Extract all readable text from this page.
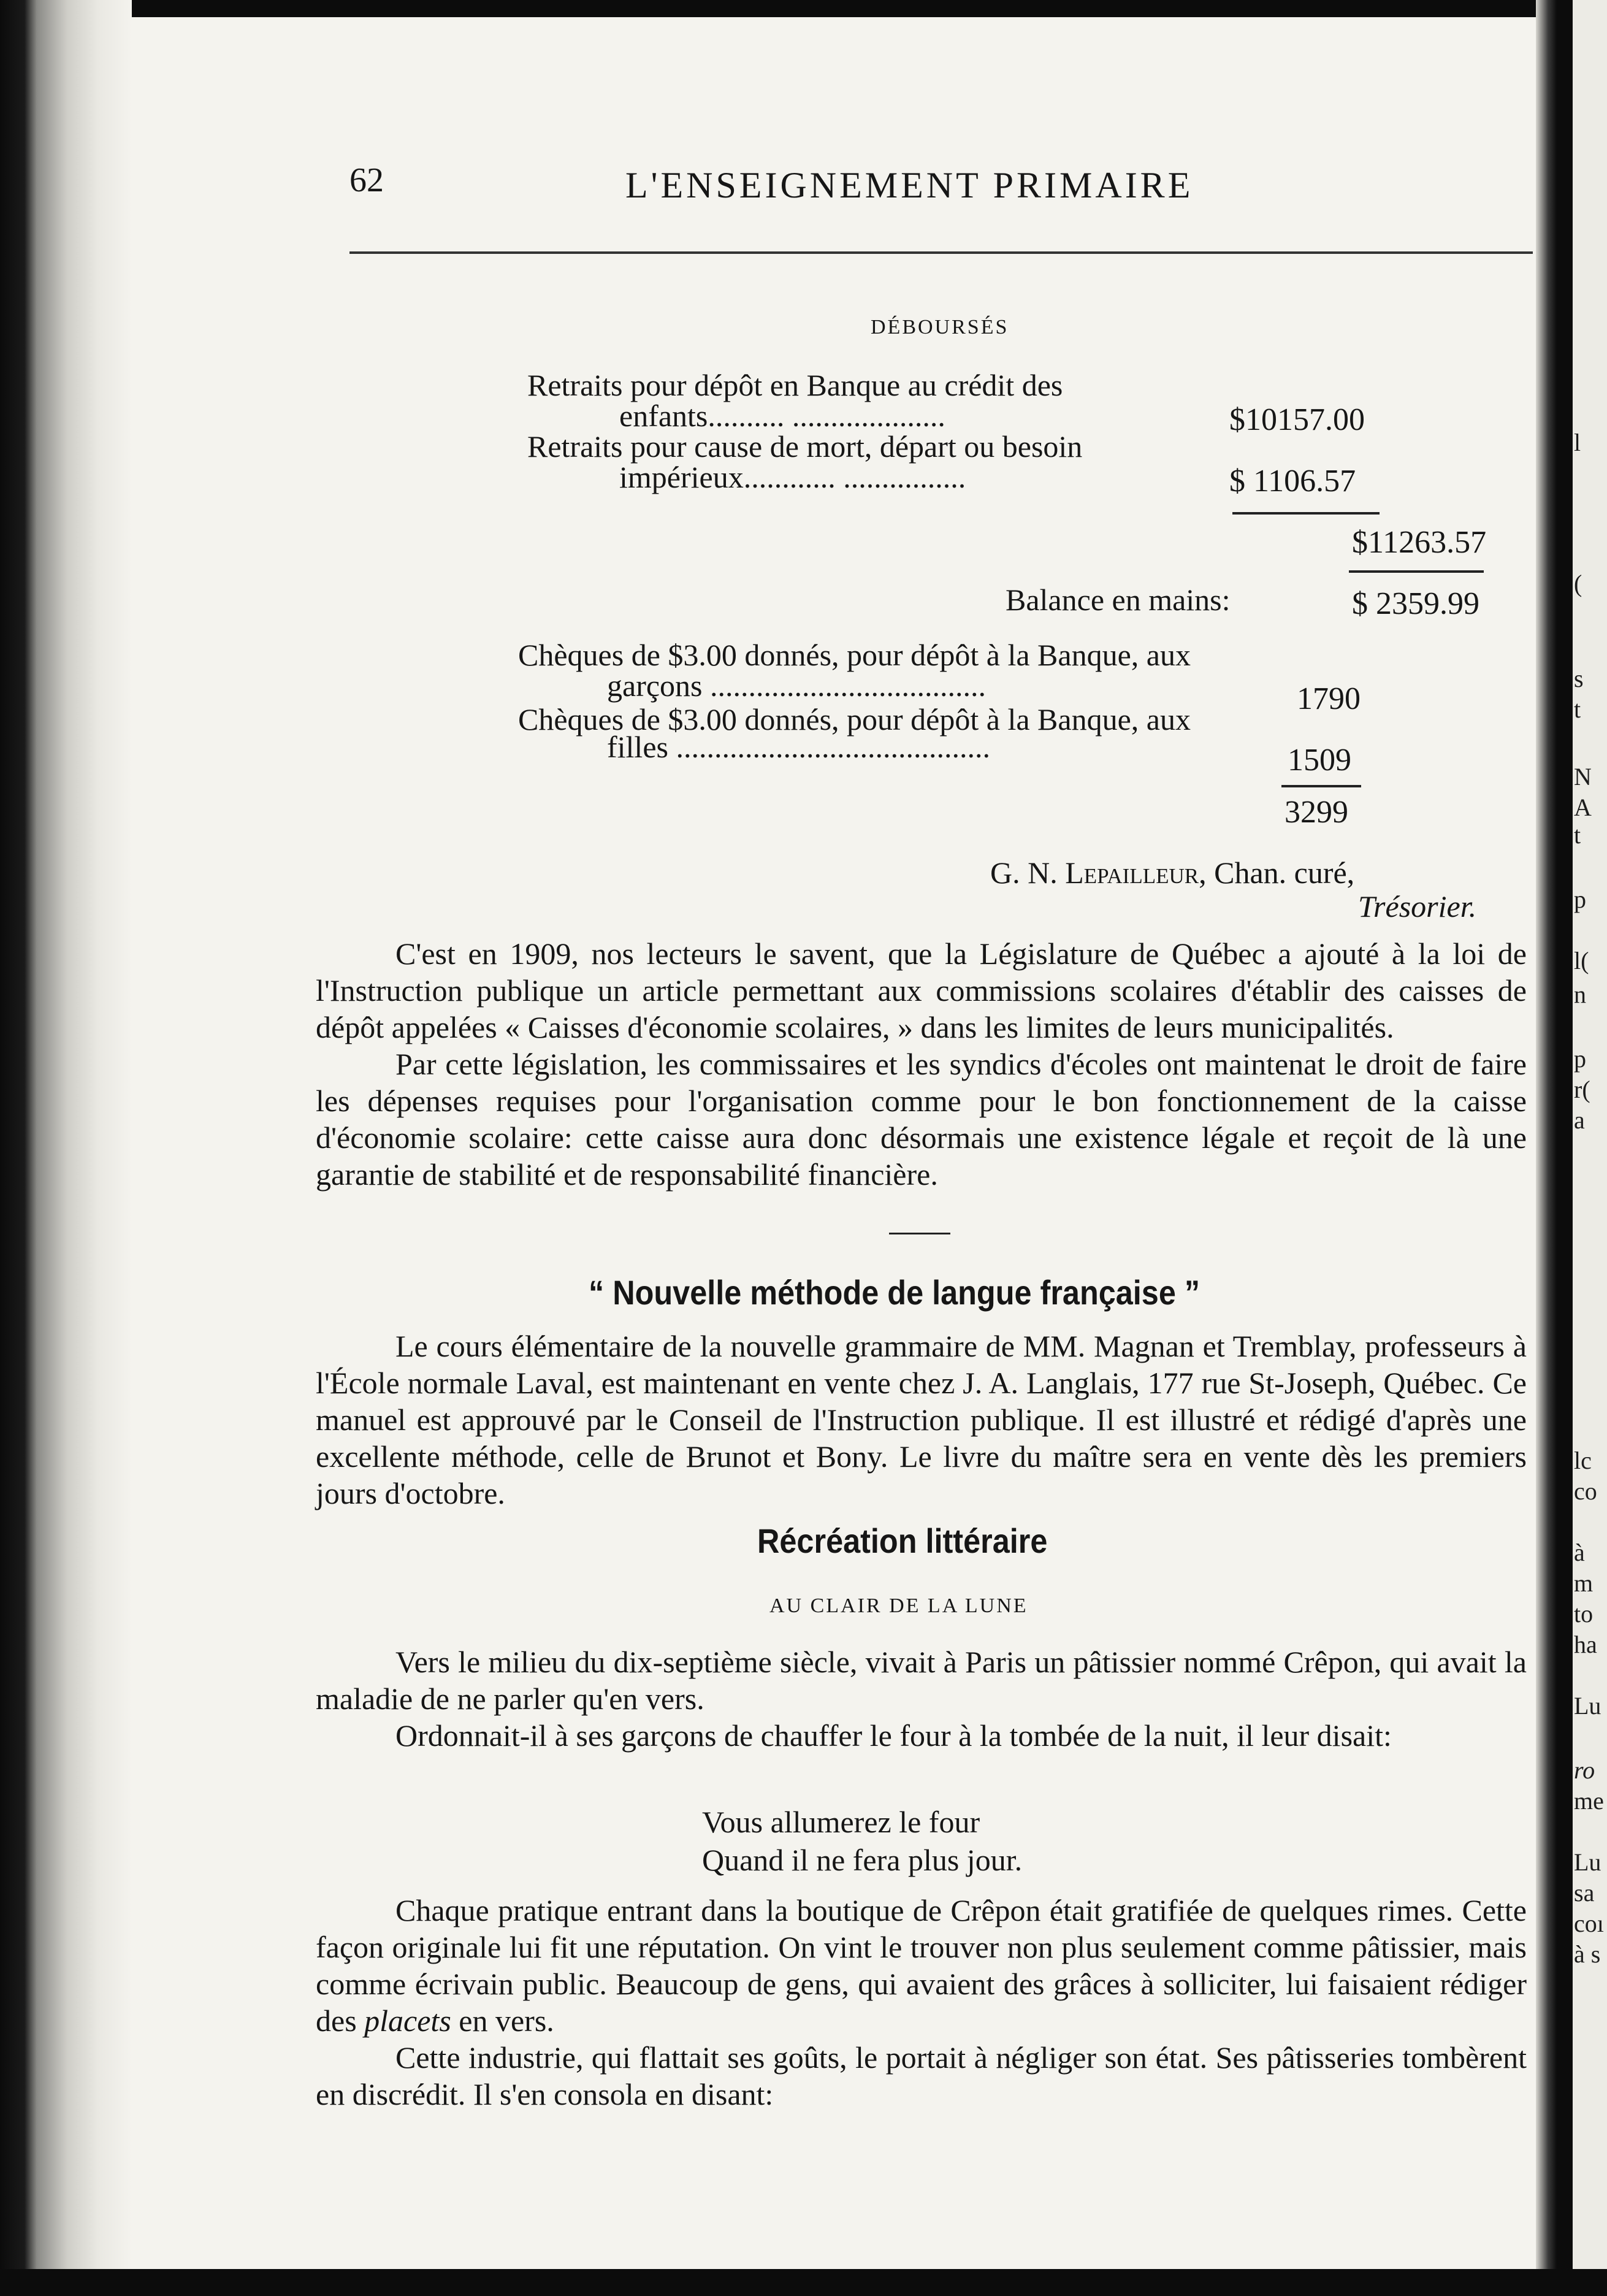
l
(
s
t
N
A
t
p
l(
n
p
r(
a
lc
co
à
m
to
ha
Lu
ro
me
Lu
sa
coı
à s
62	L'ENSEIGNEMENT PRIMAIRE
DÉBOURSÉS
Retraits pour dépôt en Banque au crédit des
enfants.......... ....................	$10157.00
Retraits pour cause de mort, départ ou besoin
impérieux............ ................	$ 1106.57
$11263.57
Balance en mains:	$ 2359.99
Chèques de $3.00 donnés, pour dépôt à la Banque, aux
garçons ....................................	1790
Chèques de $3.00 donnés, pour dépôt à la Banque, aux
filles .........................................	1509
3299
G. N. Lepailleur, Chan. curé,
Trésorier.

C'est en 1909, nos lecteurs le savent, que la Législature de Québec a ajouté à la loi de l'Instruction publique un article permettant aux commissions scolaires d'établir des caisses de dépôt appelées « Caisses d'économie scolaires, » dans les limites de leurs municipalités.

Par cette législation, les commissaires et les syndics d'écoles ont maintenat le droit de faire les dépenses requises pour l'organisation comme pour le bon fonctionnement de la caisse d'économie scolaire: cette caisse aura donc désormais une existence légale et reçoit de là une garantie de stabilité et de responsabilité financière.

“ Nouvelle méthode de langue française ”

Le cours élémentaire de la nouvelle grammaire de MM. Magnan et Tremblay, professeurs à l'École normale Laval, est maintenant en vente chez J. A. Langlais, 177 rue St-Joseph, Québec. Ce manuel est approuvé par le Conseil de l'Instruction publique. Il est illustré et rédigé d'après une excellente méthode, celle de Brunot et Bony. Le livre du maître sera en vente dès les premiers jours d'octobre.

Récréation littéraire
AU CLAIR DE LA LUNE

Vers le milieu du dix-septième siècle, vivait à Paris un pâtissier nommé Crêpon, qui avait la maladie de ne parler qu'en vers.

Ordonnait-il à ses garçons de chauffer le four à la tombée de la nuit, il leur disait:

Vous allumerez le four
Quand il ne fera plus jour.

Chaque pratique entrant dans la boutique de Crêpon était gratifiée de quelques rimes. Cette façon originale lui fit une réputation. On vint le trouver non plus seulement comme pâtissier, mais comme écrivain public. Beaucoup de gens, qui avaient des grâces à solliciter, lui faisaient rédiger des placets en vers.

Cette industrie, qui flattait ses goûts, le portait à négliger son état. Ses pâtisseries tombèrent en discrédit. Il s'en consola en disant:
